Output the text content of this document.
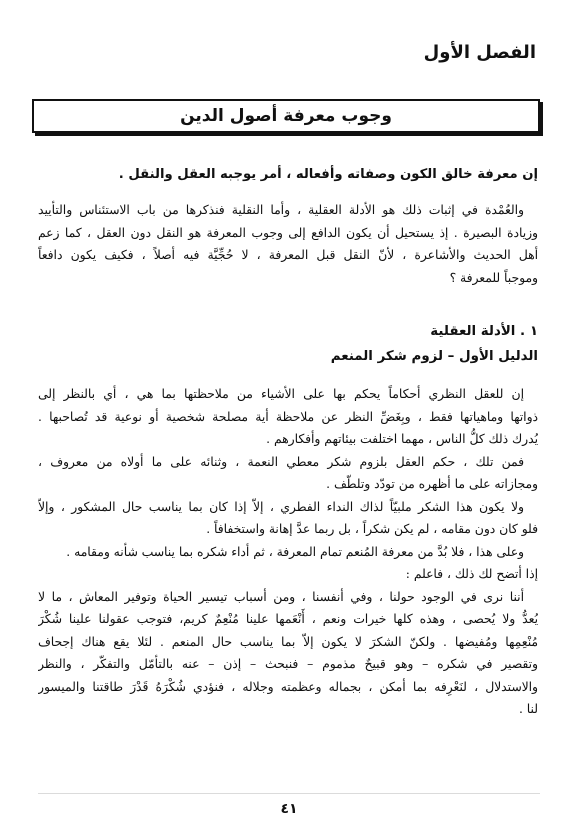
الفصل الأول
وجوب معرفة أصول الدين
إن معرفة خالق الكون وصفاته وأفعاله ، أمر يوجبه العقل والنقل .
والعُمْدة في إثبات ذلك هو الأدلة العقلية ، وأما النقلية فنذكرها من باب الاستئناس والتأييد
وزيادة البصيرة . إذ يستحيل أن يكون الدافع إلى وجوب المعرفة هو النقل دون العقل ، كما زعم
أهل الحديث والأشاعرة ، لأنّ النقل قبل المعرفة ، لا حُجِّيَّة فيه أصلاً ، فكيف يكون دافعاً
وموجباً للمعرفة ؟
١ . الأدلة العقلية
الدليل الأول – لزوم شكر المنعم
إن للعقل النظري أحكاماً يحكم بها على الأشياء من ملاحظتها بما هي ، أي بالنظر إلى
ذواتها وماهياتها فقط ، وبِغَضِّ النظر عن ملاحظة أية مصلحة شخصية أو نوعية قد تُصاحبها .
يُدرك ذلك كلُّ الناس ، مهما اختلفت بيئاتهم وأفكارهم .
فمن تلك ، حكم العقل بلزوم شكر معطي النعمة ، وثنائه على ما أولاه من معروف ،
ومجازاته على ما أظهره من تودّد وتلطّف .
ولا يكون هذا الشكر ملبيّاً لذاك النداء الفطري ، إلاّ إذا كان بما يناسب حال المشكور ، وإلاّ
فلو كان دون مقامه ، لم يكن شكراً ، بل ربما عدَّ إهانة واستخفافاً .
وعلى هذا ، فلا بُدَّ من معرفة المُنعم تمام المعرفة ، ثم أداء شكره بما يناسب شأنه ومقامه .
إذا أتضح لك ذلك ، فاعلم :
أننا نرى في الوجود حولنا ، وفي أنفسنا ، ومن أسباب تيسير الحياة وتوفير المعاش ، ما لا
يُعدُّ ولا يُحصى ، وهذه كلها خيرات ونعم ، أَنْعَمها علينا مُنْعِمٌ كريم، فتوجب عقولنا علينا شُكْرَ
مُنْعِمِها ومُفيضها . ولكنّ الشكرَ لا يكون إلاّ بما يناسب حال المنعم . لئلا يقع هناك إجحاف
وتقصير في شكره – وهو قبيحٌ مذموم – فنبحث – إذن – عنه بالتأمّل والتفكّر ، والنظر
والاستدلال ، لنَعْرِفه بما أمكن ، بجماله وعظمته وجلاله ، فنؤدي شُكْرَهُ قَدْرَ طاقتنا والميسور
لنا .
٤١
